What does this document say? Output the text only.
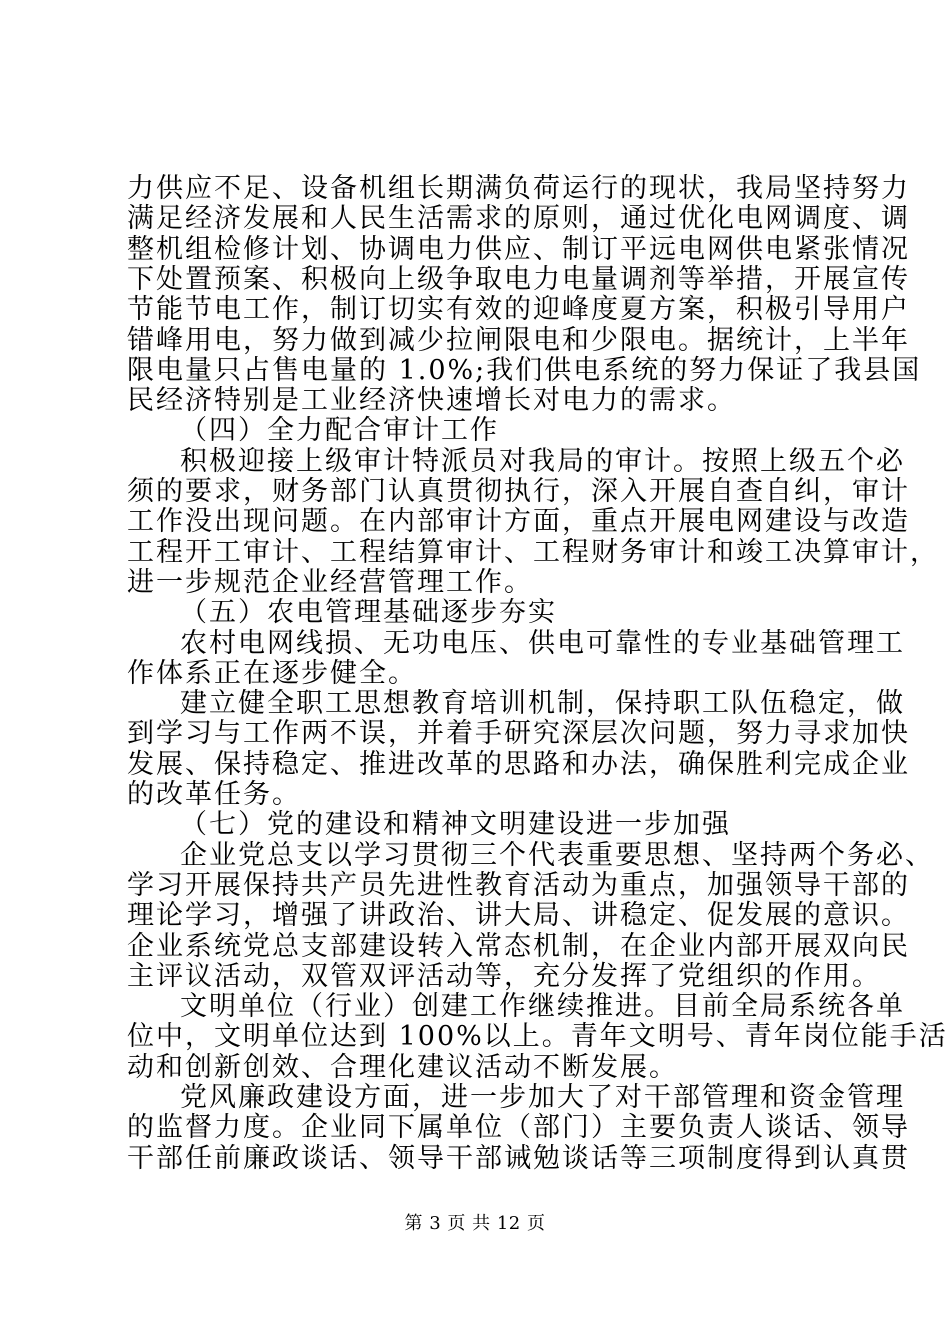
力供应不足、设备机组长期满负荷运行的现状，我局坚持努力
满足经济发展和人民生活需求的原则，通过优化电网调度、调
整机组检修计划、协调电力供应、制订平远电网供电紧张情况
下处置预案、积极向上级争取电力电量调剂等举措，开展宣传
节能节电工作，制订切实有效的迎峰度夏方案，积极引导用户
错峰用电，努力做到减少拉闸限电和少限电。据统计，上半年
限电量只占售电量的 1.0%;我们供电系统的努力保证了我县国
民经济特别是工业经济快速增长对电力的需求。
（四）全力配合审计工作
积极迎接上级审计特派员对我局的审计。按照上级五个必
须的要求，财务部门认真贯彻执行，深入开展自查自纠，审计
工作没出现问题。在内部审计方面，重点开展电网建设与改造
工程开工审计、工程结算审计、工程财务审计和竣工决算审计，
进一步规范企业经营管理工作。
（五）农电管理基础逐步夯实
农村电网线损、无功电压、供电可靠性的专业基础管理工
作体系正在逐步健全。
建立健全职工思想教育培训机制，保持职工队伍稳定，做
到学习与工作两不误，并着手研究深层次问题，努力寻求加快
发展、保持稳定、推进改革的思路和办法，确保胜利完成企业
的改革任务。
（七）党的建设和精神文明建设进一步加强
企业党总支以学习贯彻三个代表重要思想、坚持两个务必、
学习开展保持共产员先进性教育活动为重点，加强领导干部的
理论学习，增强了讲政治、讲大局、讲稳定、促发展的意识。
企业系统党总支部建设转入常态机制，在企业内部开展双向民
主评议活动，双管双评活动等，充分发挥了党组织的作用。
文明单位（行业）创建工作继续推进。目前全局系统各单
位中，文明单位达到 100%以上。青年文明号、青年岗位能手活
动和创新创效、合理化建议活动不断发展。
党风廉政建设方面，进一步加大了对干部管理和资金管理
的监督力度。企业同下属单位（部门）主要负责人谈话、领导
干部任前廉政谈话、领导干部诫勉谈话等三项制度得到认真贯
第 3 页 共 12 页
